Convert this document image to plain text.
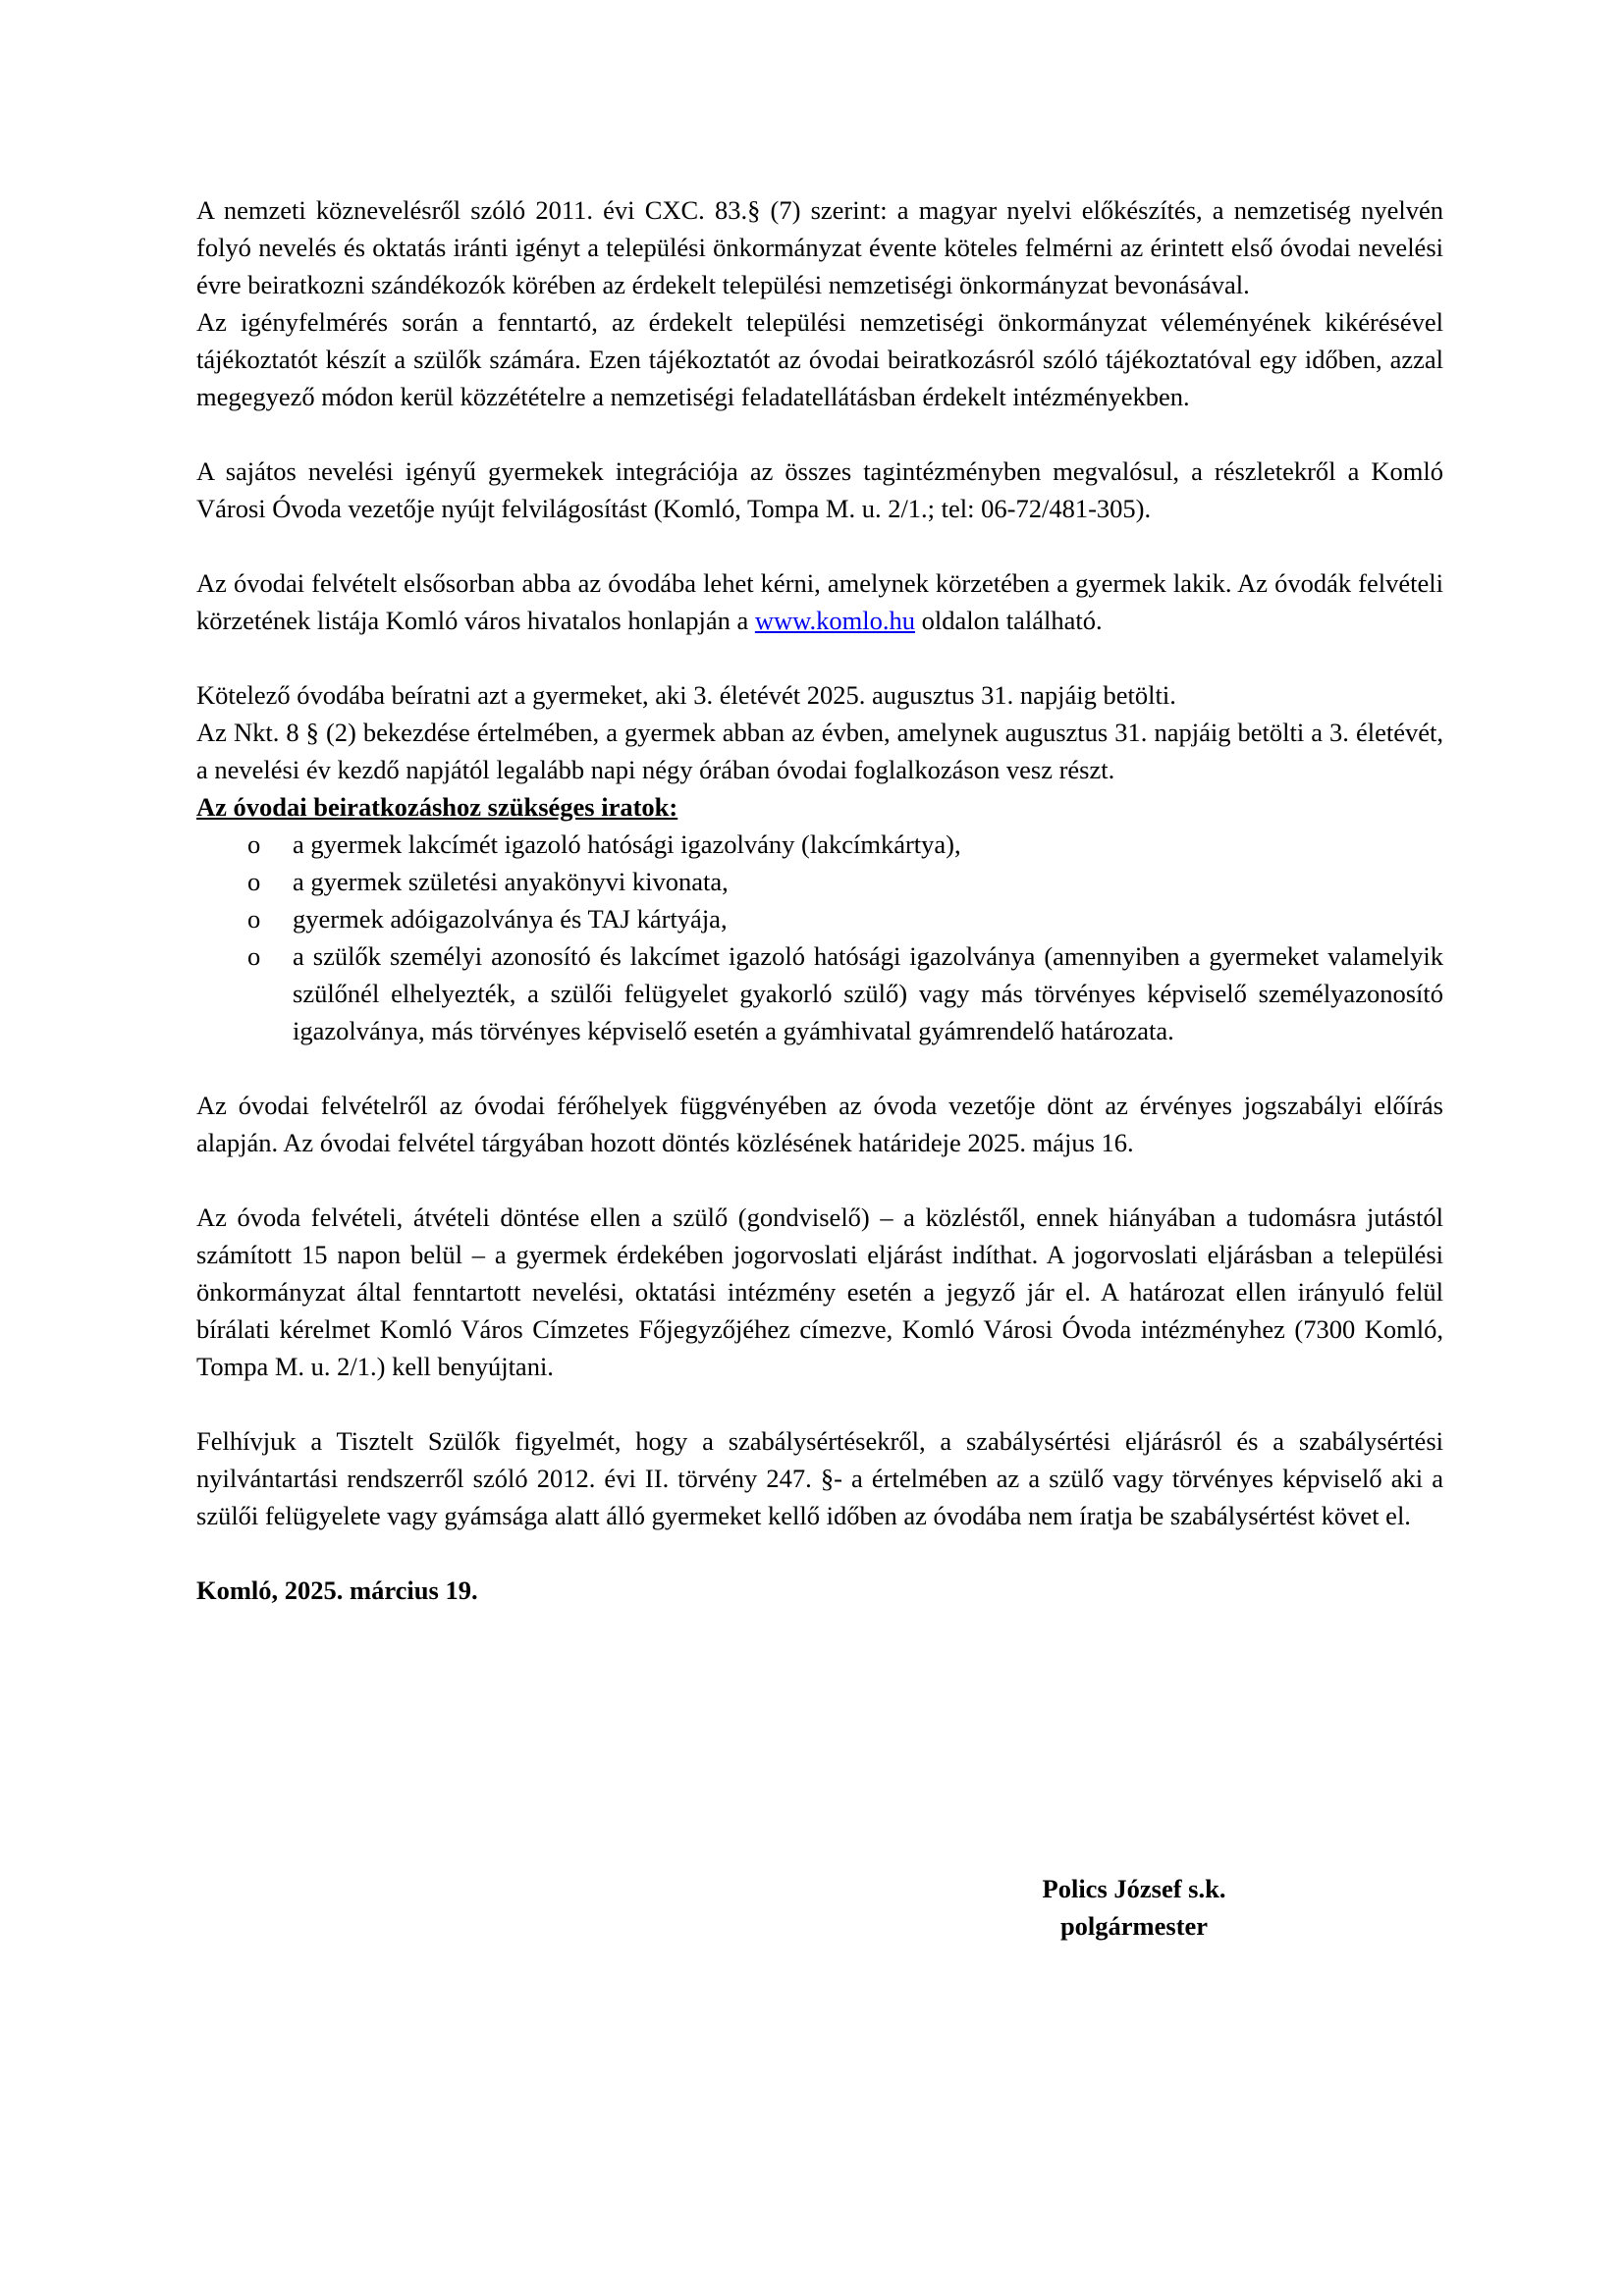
A nemzeti köznevelésről szóló 2011. évi CXC. 83.§ (7) szerint: a magyar nyelvi előkészítés, a nemzetiség nyelvén folyó nevelés és oktatás iránti igényt a települési önkormányzat évente köteles felmérni az érintett első óvodai nevelési évre beiratkozni szándékozók körében az érdekelt települési nemzetiségi önkormányzat bevonásával.

Az igényfelmérés során a fenntartó, az érdekelt települési nemzetiségi önkormányzat véleményének kikérésével tájékoztatót készít a szülők számára. Ezen tájékoztatót az óvodai beiratkozásról szóló tájékoztatóval egy időben, azzal megegyező módon kerül közzétételre a nemzetiségi feladatellátásban érdekelt intézményekben.

A sajátos nevelési igényű gyermekek integrációja az összes tagintézményben megvalósul, a részletekről a Komló Városi Óvoda vezetője nyújt felvilágosítást (Komló, Tompa M. u. 2/1.; tel: 06-72/481-305).

Az óvodai felvételt elsősorban abba az óvodába lehet kérni, amelynek körzetében a gyermek lakik. Az óvodák felvételi körzetének listája Komló város hivatalos honlapján a www.komlo.hu oldalon található.

Kötelező óvodába beíratni azt a gyermeket, aki 3. életévét 2025. augusztus 31. napjáig betölti.

Az Nkt. 8 § (2) bekezdése értelmében, a gyermek abban az évben, amelynek augusztus 31. napjáig betölti a 3. életévét, a nevelési év kezdő napjától legalább napi négy órában óvodai foglalkozáson vesz részt.

Az óvodai beiratkozáshoz szükséges iratok:

o a gyermek lakcímét igazoló hatósági igazolvány (lakcímkártya),
o a gyermek születési anyakönyvi kivonata,
o gyermek adóigazolványa és TAJ kártyája,
o a szülők személyi azonosító és lakcímet igazoló hatósági igazolványa (amennyiben a gyermeket valamelyik szülőnél elhelyezték, a szülői felügyelet gyakorló szülő) vagy más törvényes képviselő személyazonosító igazolványa, más törvényes képviselő esetén a gyámhivatal gyámrendelő határozata.

Az óvodai felvételről az óvodai férőhelyek függvényében az óvoda vezetője dönt az érvényes jogszabályi előírás alapján. Az óvodai felvétel tárgyában hozott döntés közlésének határideje 2025. május 16.

Az óvoda felvételi, átvételi döntése ellen a szülő (gondviselő) – a közléstől, ennek hiányában a tudomásra jutástól számított 15 napon belül – a gyermek érdekében jogorvoslati eljárást indíthat. A jogorvoslati eljárásban a települési önkormányzat által fenntartott nevelési, oktatási intézmény esetén a jegyző jár el. A határozat ellen irányuló felül bírálati kérelmet Komló Város Címzetes Főjegyzőjéhez címezve, Komló Városi Óvoda intézményhez (7300 Komló, Tompa M. u. 2/1.) kell benyújtani.

Felhívjuk a Tisztelt Szülők figyelmét, hogy a szabálysértésekről, a szabálysértési eljárásról és a szabálysértési nyilvántartási rendszerről szóló 2012. évi II. törvény 247. §- a értelmében az a szülő vagy törvényes képviselő aki a szülői felügyelete vagy gyámsága alatt álló gyermeket kellő időben az óvodába nem íratja be szabálysértést követ el.

Komló, 2025. március 19.

Polics József s.k.
polgármester
